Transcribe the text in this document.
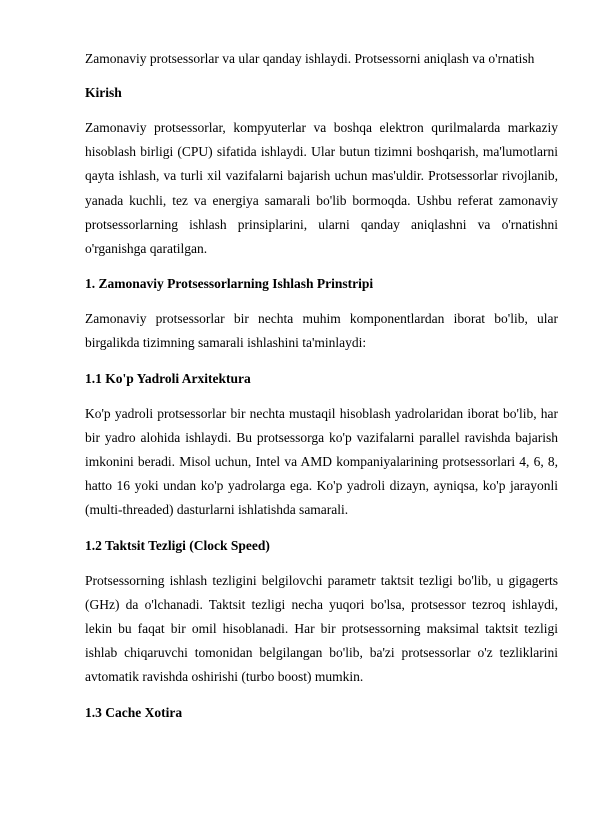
Zamonaviy protsessorlar va ular qanday ishlaydi. Protsessorni aniqlash va o'rnatish

Kirish

Zamonaviy protsessorlar, kompyuterlar va boshqa elektron qurilmalarda markaziy hisoblash birligi (CPU) sifatida ishlaydi. Ular butun tizimni boshqarish, ma'lumotlarni qayta ishlash, va turli xil vazifalarni bajarish uchun mas'uldir. Protsessorlar rivojlanib, yanada kuchli, tez va energiya samarali bo'lib bormoqda. Ushbu referat zamonaviy protsessorlarning ishlash prinsiplarini, ularni qanday aniqlashni va o'rnatishni o'rganishga qaratilgan.

1. Zamonaviy Protsessorlarning Ishlash Prinstripi

Zamonaviy protsessorlar bir nechta muhim komponentlardan iborat bo'lib, ular birgalikda tizimning samarali ishlashini ta'minlaydi:

1.1 Ko'p Yadroli Arxitektura

Ko'p yadroli protsessorlar bir nechta mustaqil hisoblash yadrolaridan iborat bo'lib, har bir yadro alohida ishlaydi. Bu protsessorga ko'p vazifalarni parallel ravishda bajarish imkonini beradi. Misol uchun, Intel va AMD kompaniyalarining protsessorlari 4, 6, 8, hatto 16 yoki undan ko'p yadrolarga ega. Ko'p yadroli dizayn, ayniqsa, ko'p jarayonli (multi-threaded) dasturlarni ishlatishda samarali.

1.2 Taktsit Tezligi (Clock Speed)

Protsessorning ishlash tezligini belgilovchi parametr taktsit tezligi bo'lib, u gigagerts (GHz) da o'lchanadi. Taktsit tezligi necha yuqori bo'lsa, protsessor tezroq ishlaydi, lekin bu faqat bir omil hisoblanadi. Har bir protsessorning maksimal taktsit tezligi ishlab chiqaruvchi tomonidan belgilangan bo'lib, ba'zi protsessorlar o'z tezliklarini avtomatik ravishda oshirishi (turbo boost) mumkin.

1.3 Cache Xotira
